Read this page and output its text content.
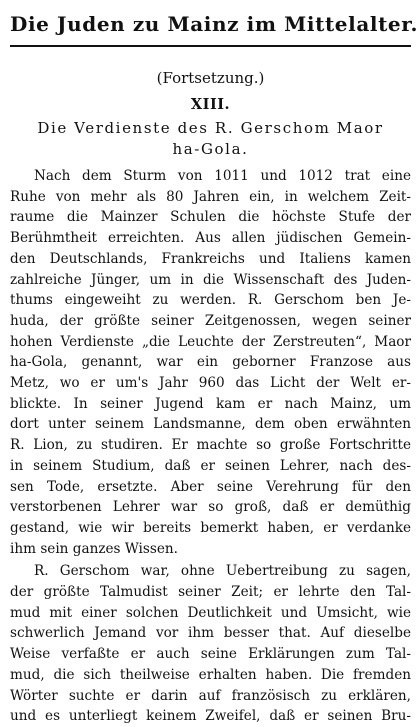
Die Juden zu Mainz im Mittelalter.

(Fortsetzung.)

XIII.

Die Verdienste des R. Gerschom Maor
ha-Gola.

Nach dem Sturm von 1011 und 1012 trat eine
Ruhe von mehr als 80 Jahren ein, in welchem Zeit-
raume die Mainzer Schulen die höchste Stufe der
Berühmtheit erreichten. Aus allen jüdischen Gemein-
den Deutschlands, Frankreichs und Italiens kamen
zahlreiche Jünger, um in die Wissenschaft des Juden-
thums eingeweiht zu werden. R. Gerschom ben Je-
huda, der größte seiner Zeitgenossen, wegen seiner
hohen Verdienste „die Leuchte der Zerstreuten“, Maor
ha-Gola, genannt, war ein geborner Franzose aus
Metz, wo er um's Jahr 960 das Licht der Welt er-
blickte. In seiner Jugend kam er nach Mainz, um
dort unter seinem Landsmanne, dem oben erwähnten
R. Lion, zu studiren. Er machte so große Fortschritte
in seinem Studium, daß er seinen Lehrer, nach des-
sen Tode, ersetzte. Aber seine Verehrung für den
verstorbenen Lehrer war so groß, daß er demüthig
gestand, wie wir bereits bemerkt haben, er verdanke
ihm sein ganzes Wissen.
R. Gerschom war, ohne Uebertreibung zu sagen,
der größte Talmudist seiner Zeit; er lehrte den Tal-
mud mit einer solchen Deutlichkeit und Umsicht, wie
schwerlich Jemand vor ihm besser that. Auf dieselbe
Weise verfaßte er auch seine Erklärungen zum Tal-
mud, die sich theilweise erhalten haben. Die fremden
Wörter suchte er darin auf französisch zu erklären,
und es unterliegt keinem Zweifel, daß er seinen Bru-
